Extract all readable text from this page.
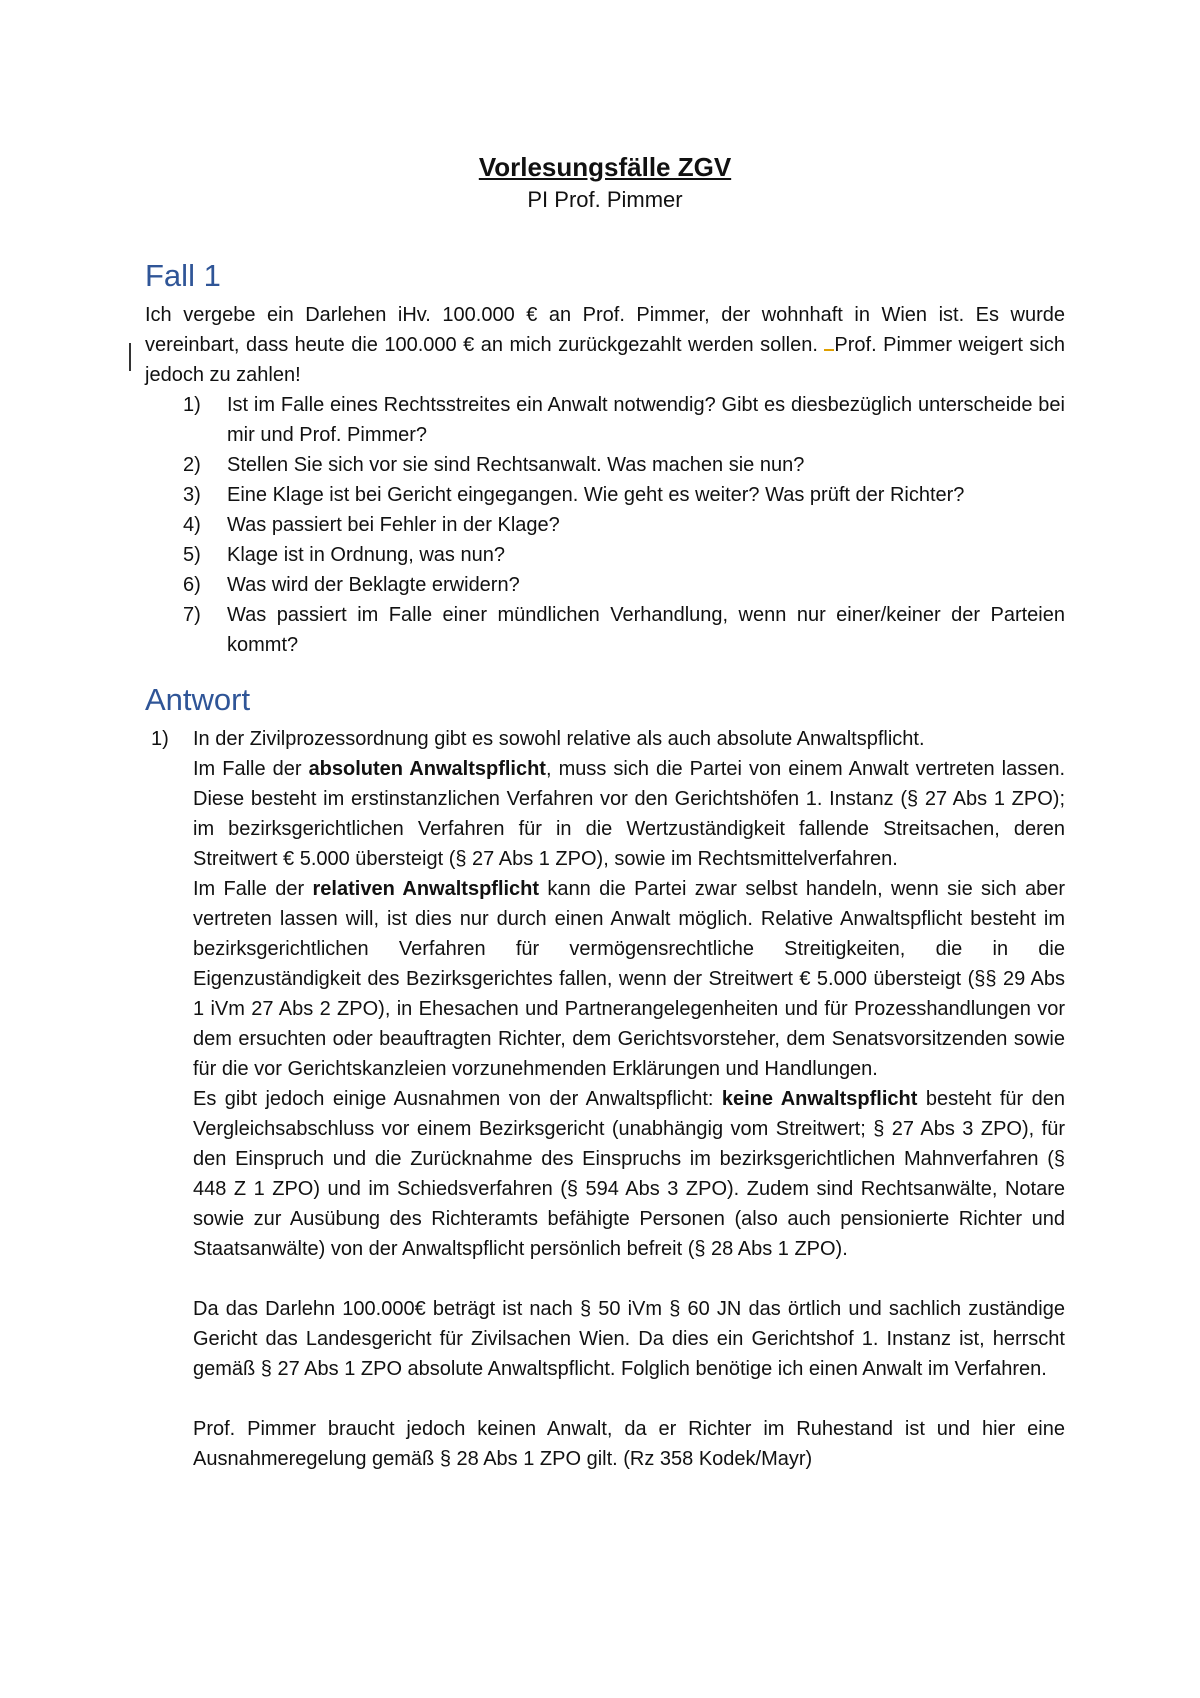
Vorlesungsfälle ZGV
PI Prof. Pimmer
Fall 1

Ich vergebe ein Darlehen iHv. 100.000 € an Prof. Pimmer, der wohnhaft in Wien ist. Es wurde vereinbart, dass heute die 100.000 € an mich zurückgezahlt werden sollen. Prof. Pimmer weigert sich jedoch zu zahlen!

1)	Ist im Falle eines Rechtsstreites ein Anwalt notwendig? Gibt es diesbezüglich unterscheide bei mir und Prof. Pimmer?
2)	Stellen Sie sich vor sie sind Rechtsanwalt. Was machen sie nun?
3)	Eine Klage ist bei Gericht eingegangen. Wie geht es weiter? Was prüft der Richter?
4)	Was passiert bei Fehler in der Klage?
5)	Klage ist in Ordnung, was nun?
6)	Was wird der Beklagte erwidern?
7)	Was passiert im Falle einer mündlichen Verhandlung, wenn nur einer/keiner der Parteien kommt?
Antwort
1)	In der Zivilprozessordnung gibt es sowohl relative als auch absolute Anwaltspflicht.

Im Falle der absoluten Anwaltspflicht, muss sich die Partei von einem Anwalt vertreten lassen. Diese besteht im erstinstanzlichen Verfahren vor den Gerichtshöfen 1. Instanz (§ 27 Abs 1 ZPO); im bezirksgerichtlichen Verfahren für in die Wertzuständigkeit fallende Streitsachen, deren Streitwert € 5.000 übersteigt (§ 27 Abs 1 ZPO), sowie im Rechtsmittelverfahren.

Im Falle der relativen Anwaltspflicht kann die Partei zwar selbst handeln, wenn sie sich aber vertreten lassen will, ist dies nur durch einen Anwalt möglich. Relative Anwaltspflicht besteht im bezirksgerichtlichen Verfahren für vermögensrechtliche Streitigkeiten, die in die Eigenzuständigkeit des Bezirksgerichtes fallen, wenn der Streitwert € 5.000 übersteigt (§§ 29 Abs 1 iVm 27 Abs 2 ZPO), in Ehesachen und Partnerangelegenheiten und für Prozesshandlungen vor dem ersuchten oder beauftragten Richter, dem Gerichtsvorsteher, dem Senatsvorsitzenden sowie für die vor Gerichtskanzleien vorzunehmenden Erklärungen und Handlungen.

Es gibt jedoch einige Ausnahmen von der Anwaltspflicht: keine Anwaltspflicht besteht für den Vergleichsabschluss vor einem Bezirksgericht (unabhängig vom Streitwert; § 27 Abs 3 ZPO), für den Einspruch und die Zurücknahme des Einspruchs im bezirksgerichtlichen Mahnverfahren (§ 448 Z 1 ZPO) und im Schiedsverfahren (§ 594 Abs 3 ZPO). Zudem sind Rechtsanwälte, Notare sowie zur Ausübung des Richteramts befähigte Personen (also auch pensionierte Richter und Staatsanwälte) von der Anwaltspflicht persönlich befreit (§ 28 Abs 1 ZPO).

Da das Darlehn 100.000€ beträgt ist nach § 50 iVm § 60 JN das örtlich und sachlich zuständige Gericht das Landesgericht für Zivilsachen Wien. Da dies ein Gerichtshof 1. Instanz ist, herrscht gemäß § 27 Abs 1 ZPO absolute Anwaltspflicht. Folglich benötige ich einen Anwalt im Verfahren.

Prof. Pimmer braucht jedoch keinen Anwalt, da er Richter im Ruhestand ist und hier eine Ausnahmeregelung gemäß § 28 Abs 1 ZPO gilt. (Rz 358 Kodek/Mayr)
